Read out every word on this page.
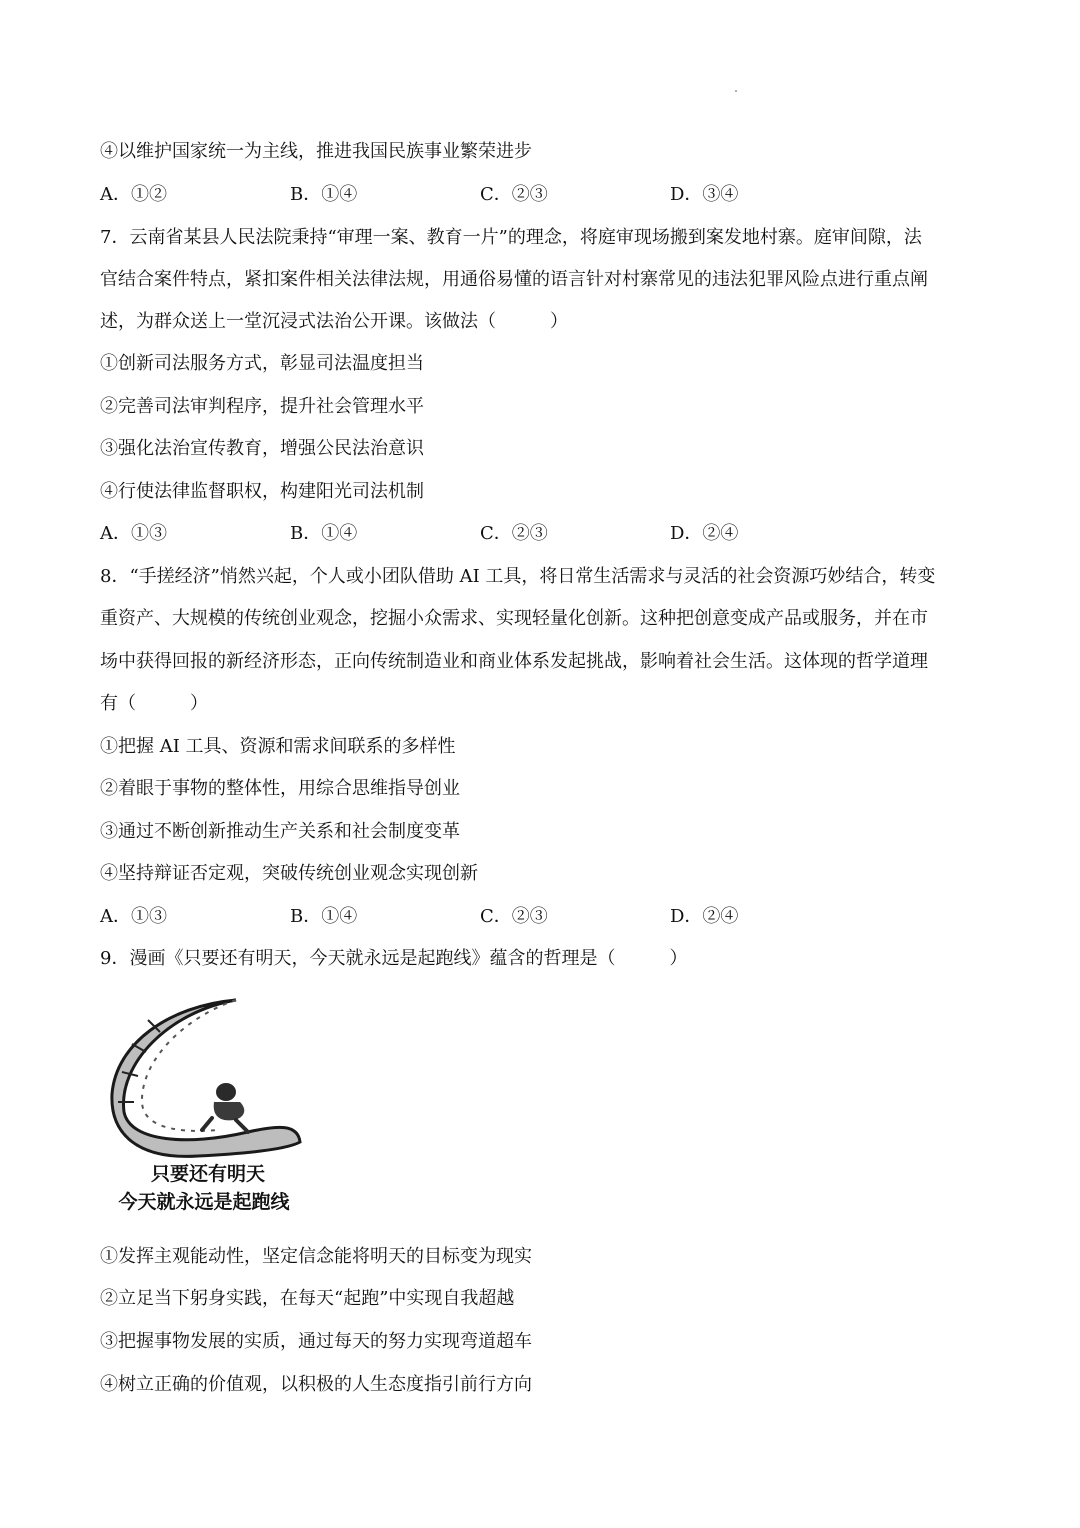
④以维护国家统一为主线，推进我国民族事业繁荣进步
A．①②	B．①④	C．②③	D．③④
7．云南省某县人民法院秉持“审理一案、教育一片”的理念，将庭审现场搬到案发地村寨。庭审间隙，法
官结合案件特点，紧扣案件相关法律法规，用通俗易懂的语言针对村寨常见的违法犯罪风险点进行重点阐
述，为群众送上一堂沉浸式法治公开课。该做法（　　　）
①创新司法服务方式，彰显司法温度担当
②完善司法审判程序，提升社会管理水平
③强化法治宣传教育，增强公民法治意识
④行使法律监督职权，构建阳光司法机制
A．①③	B．①④	C．②③	D．②④
8．“手搓经济”悄然兴起，个人或小团队借助 AI 工具，将日常生活需求与灵活的社会资源巧妙结合，转变
重资产、大规模的传统创业观念，挖掘小众需求、实现轻量化创新。这种把创意变成产品或服务，并在市
场中获得回报的新经济形态，正向传统制造业和商业体系发起挑战，影响着社会生活。这体现的哲学道理
有（　　　）
①把握 AI 工具、资源和需求间联系的多样性
②着眼于事物的整体性，用综合思维指导创业
③通过不断创新推动生产关系和社会制度变革
④坚持辩证否定观，突破传统创业观念实现创新
A．①③	B．①④	C．②③	D．②④
9．漫画《只要还有明天，今天就永远是起跑线》蕴含的哲理是（　　　）
只要还有明天
今天就永远是起跑线
①发挥主观能动性，坚定信念能将明天的目标变为现实
②立足当下躬身实践，在每天“起跑”中实现自我超越
③把握事物发展的实质，通过每天的努力实现弯道超车
④树立正确的价值观，以积极的人生态度指引前行方向
